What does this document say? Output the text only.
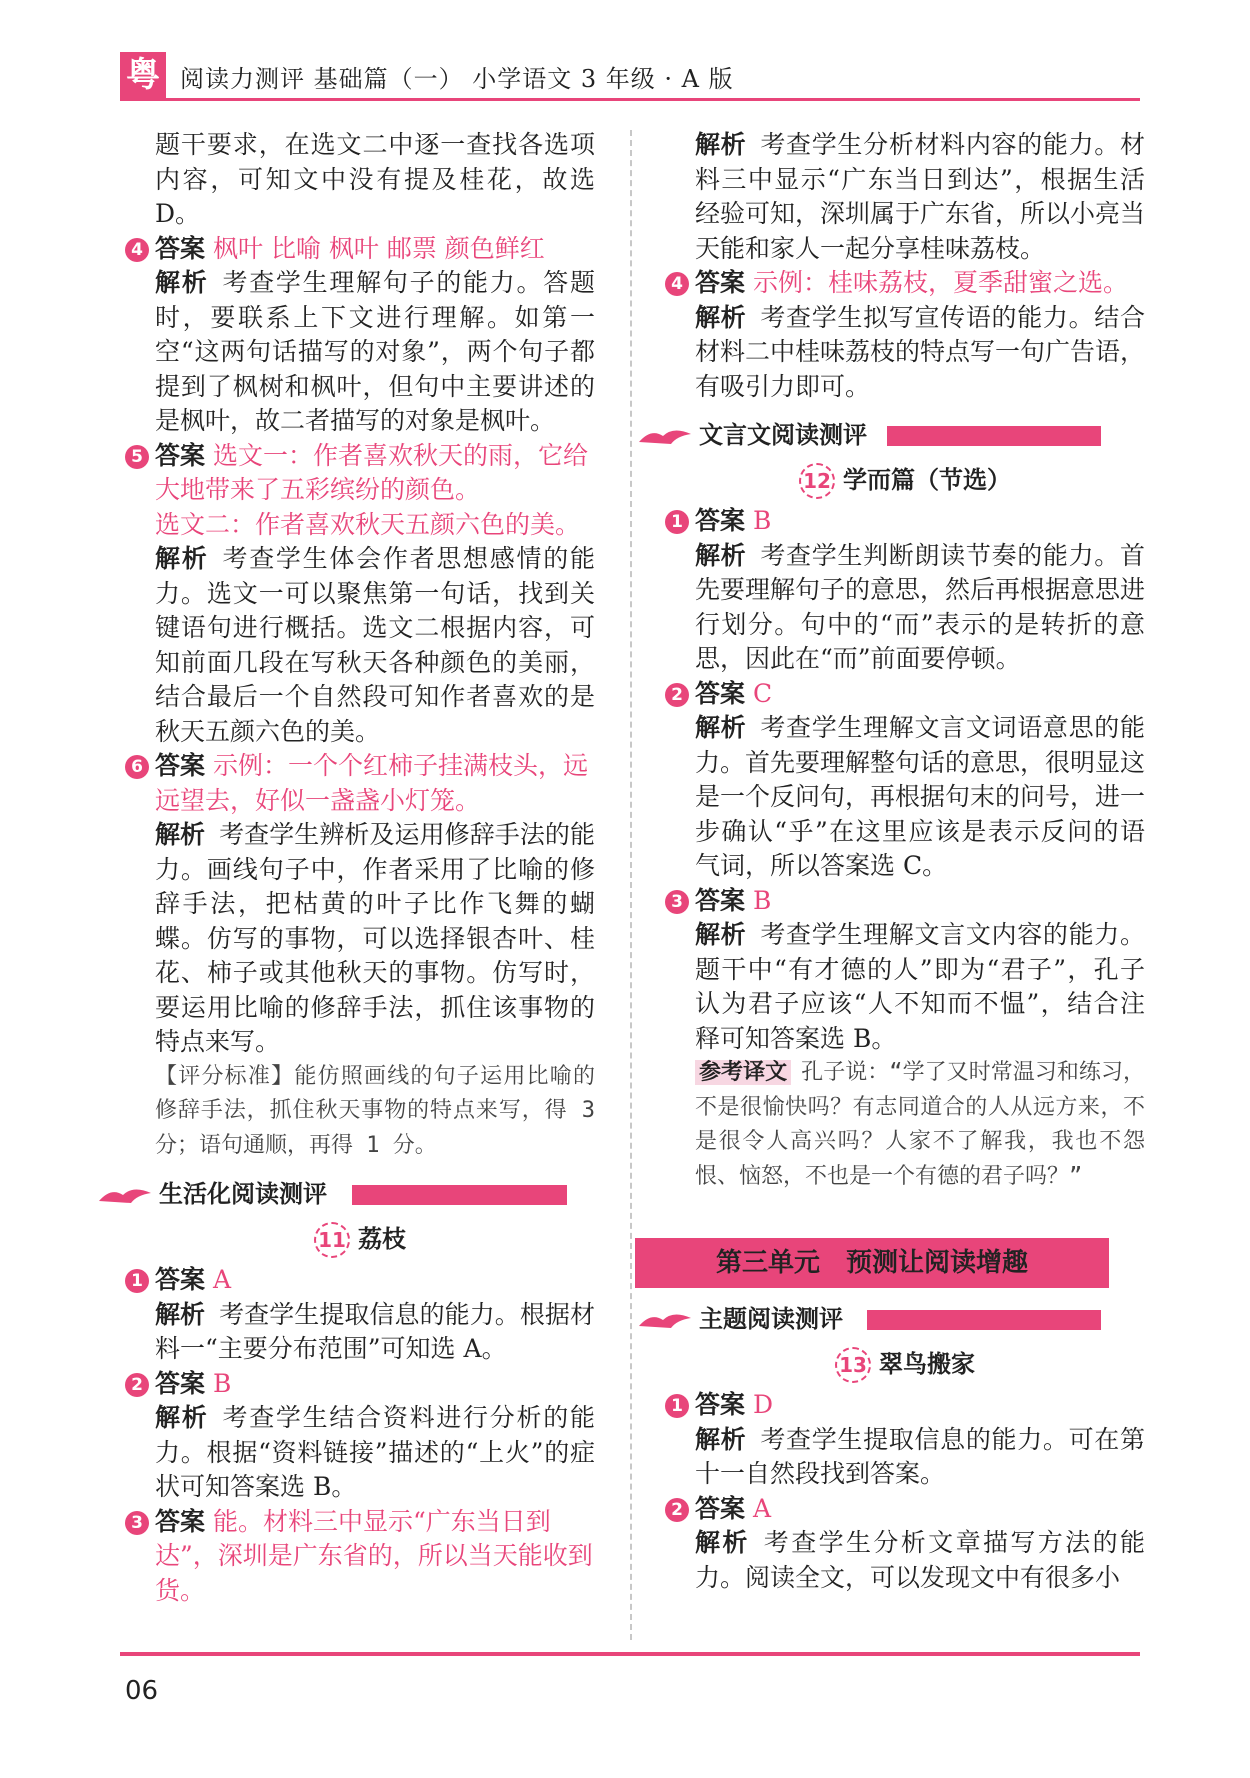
粤 阅读力测评 基础篇（一） 小学语文 3 年级 · A 版

题干要求，在选文二中逐一查找各选项内容，可知文中没有提及桂花，故选 D。

4 答案 枫叶 比喻 枫叶 邮票 颜色鲜红

解析 考查学生理解句子的能力。答题时，要联系上下文进行理解。如第一空“这两句话描写的对象”，两个句子都提到了枫树和枫叶，但句中主要讲述的是枫叶，故二者描写的对象是枫叶。

5 答案 选文一：作者喜欢秋天的雨，它给大地带来了五彩缤纷的颜色。

选文二：作者喜欢秋天五颜六色的美。

解析 考查学生体会作者思想感情的能力。选文一可以聚焦第一句话，找到关键语句进行概括。选文二根据内容，可知前面几段在写秋天各种颜色的美丽，结合最后一个自然段可知作者喜欢的是秋天五颜六色的美。

6 答案 示例：一个个红柿子挂满枝头，远远望去，好似一盏盏小灯笼。

解析 考查学生辨析及运用修辞手法的能力。画线句子中，作者采用了比喻的修辞手法，把枯黄的叶子比作飞舞的蝴蝶。仿写的事物，可以选择银杏叶、桂花、柿子或其他秋天的事物。仿写时，要运用比喻的修辞手法，抓住该事物的特点来写。

【评分标准】能仿照画线的句子运用比喻的修辞手法，抓住秋天事物的特点来写，得 3 分；语句通顺，再得 1 分。

生活化阅读测评
11 荔枝
1 答案 A

解析 考查学生提取信息的能力。根据材料一“主要分布范围”可知选 A。

2 答案 B

解析 考查学生结合资料进行分析的能力。根据“资料链接”描述的“上火”的症状可知答案选 B。

3 答案 能。材料三中显示“广东当日到达”，深圳是广东省的，所以当天能收到货。

解析 考查学生分析材料内容的能力。材料三中显示“广东当日到达”，根据生活经验可知，深圳属于广东省，所以小亮当天能和家人一起分享桂味荔枝。

4 答案 示例：桂味荔枝，夏季甜蜜之选。

解析 考查学生拟写宣传语的能力。结合材料二中桂味荔枝的特点写一句广告语，有吸引力即可。

文言文阅读测评
12 学而篇（节选）
1 答案 B

解析 考查学生判断朗读节奏的能力。首先要理解句子的意思，然后再根据意思进行划分。句中的“而”表示的是转折的意思，因此在“而”前面要停顿。

2 答案 C

解析 考查学生理解文言文词语意思的能力。首先要理解整句话的意思，很明显这是一个反问句，再根据句末的问号，进一步确认“乎”在这里应该是表示反问的语气词，所以答案选 C。

3 答案 B

解析 考查学生理解文言文内容的能力。题干中“有才德的人”即为“君子”，孔子认为君子应该“人不知而不愠”，结合注释可知答案选 B。

参考译文 孔子说：“学了又时常温习和练习，不是很愉快吗？有志同道合的人从远方来，不是很令人高兴吗？人家不了解我，我也不怨恨、恼怒，不也是一个有德的君子吗？”

第三单元　预测让阅读增趣
主题阅读测评
13 翠鸟搬家
1 答案 D

解析 考查学生提取信息的能力。可在第十一自然段找到答案。

2 答案 A

解析 考查学生分析文章描写方法的能力。阅读全文，可以发现文中有很多小

06
